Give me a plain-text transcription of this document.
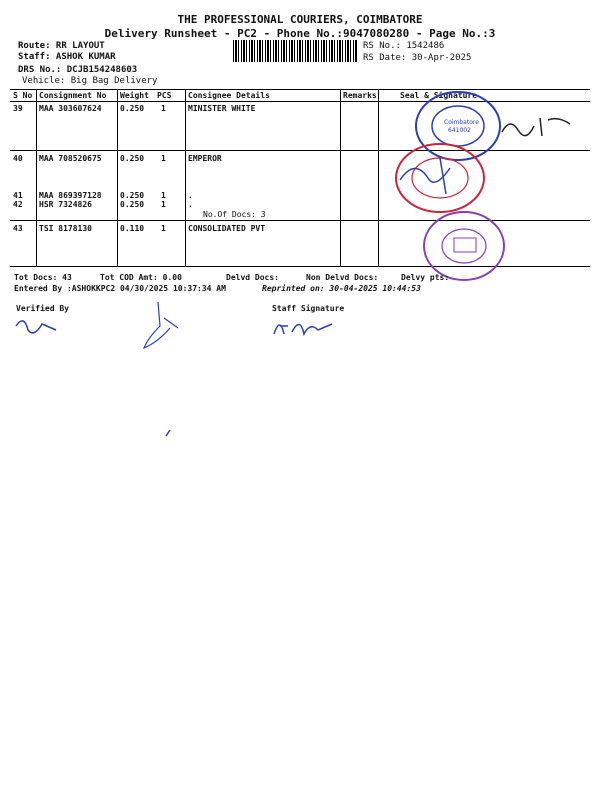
THE PROFESSIONAL COURIERS, COIMBATORE
Delivery Runsheet - PC2 - Phone No.:9047080280 - Page No.:3
Route: RR LAYOUT
Staff: ASHOK KUMAR
DRS No.: DCJB154248603
Vehicle: Big Bag Delivery
RS No.: 1542486
RS Date: 30-Apr-2025
S No Consignment No Weight PCS Consignee Details	Remarks	Seal & Signature
39 MAA 303607624 0.250 1	MINISTER WHITE
40 MAA 708520675 0.250 1	EMPEROR
41 MAA 869397128 0.250 1	.
42 HSR 7324826	0.250 1	.
No.Of Docs: 3
43 TSI 8178130	0.110 1	CONSOLIDATED PVT
Coimbatore
641002
Tot Docs: 43	Tot COD Amt: 0.00	Delvd Docs:	Non Delvd Docs:	Delvy pts:
Entered By :ASHOKKPC2 04/30/2025 10:37:34 AM	Reprinted on: 30-04-2025 10:44:53
Verified By	Staff Signature
